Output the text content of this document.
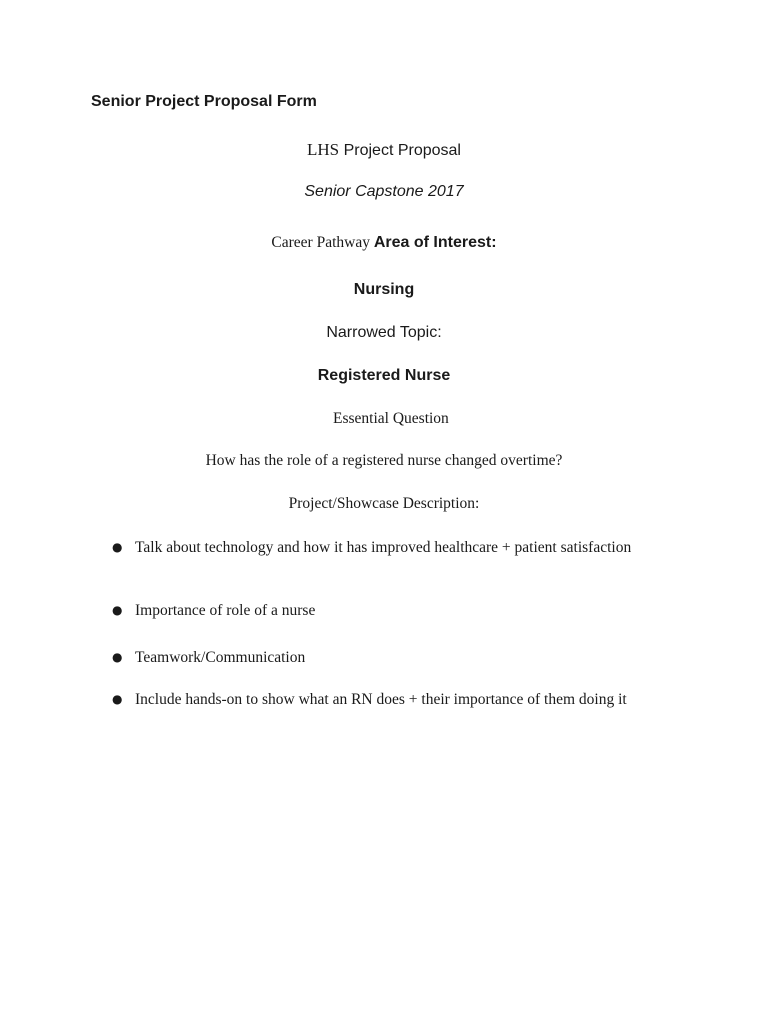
Senior Project Proposal Form
LHS Project Proposal
Senior Capstone 2017
Career Pathway Area of Interest:
Nursing
Narrowed Topic:
Registered Nurse
Essential Question
How has the role of a registered nurse changed overtime?
Project/Showcase Description:
● Talk about technology and how it has improved healthcare + patient satisfaction
● Importance of role of a nurse
● Teamwork/Communication
● Include hands-on to show what an RN does + their importance of them doing it
